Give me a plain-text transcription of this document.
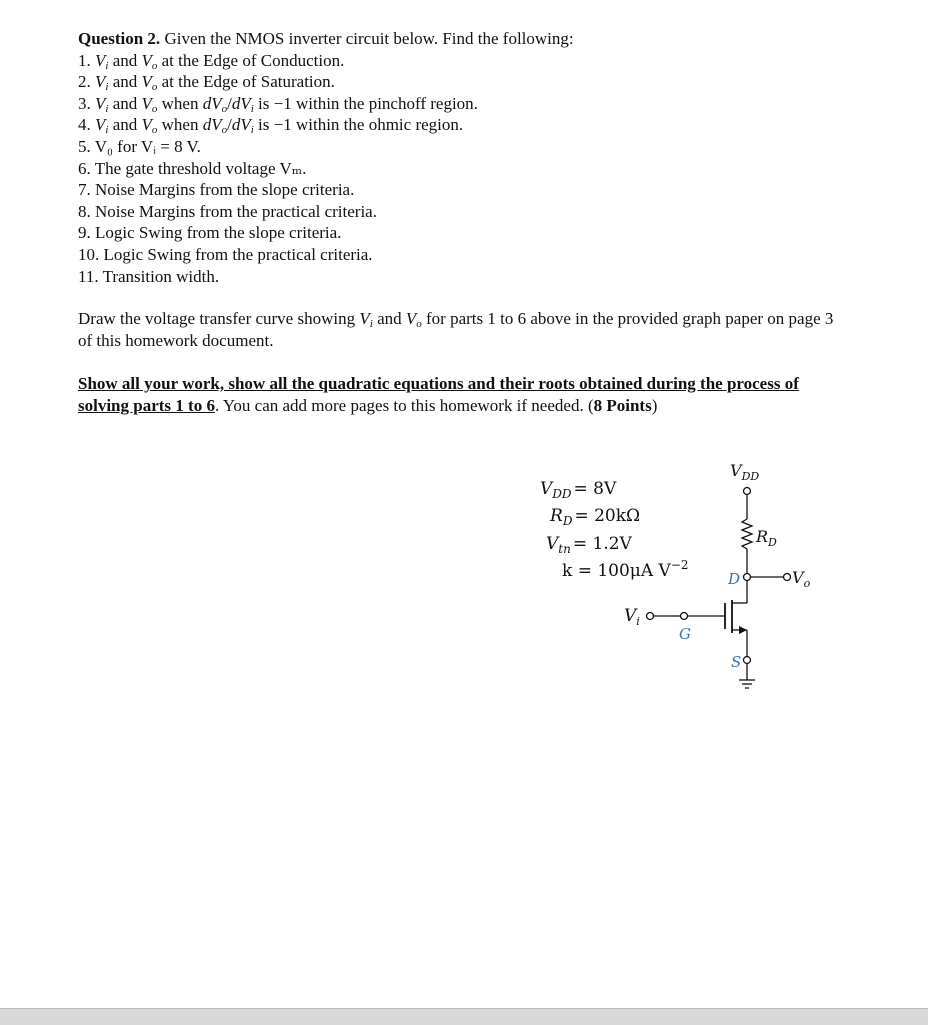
Question 2. Given the NMOS inverter circuit below. Find the following:
1. $V_i$ and $V_o$ at the Edge of Conduction.
2. $V_i$ and $V_o$ at the Edge of Saturation.
3. $V_i$ and $V_o$ when $dV_o/dV_i$ is −1 within the pinchoff region.
4. $V_i$ and $V_o$ when $dV_o/dV_i$ is −1 within the ohmic region.
5. V₀ for Vᵢ = 8 V.
6. The gate threshold voltage Vₘ.
7. Noise Margins from the slope criteria.
8. Noise Margins from the practical criteria.
9. Logic Swing from the slope criteria.
10. Logic Swing from the practical criteria.
11. Transition width.
Draw the voltage transfer curve showing $V_i$ and $V_o$ for parts 1 to 6 above in the provided graph paper on page 3 of this homework document.
Show all your work, show all the quadratic equations and their roots obtained during the process of solving parts 1 to 6. You can add more pages to this homework if needed. (8 Points)
$V_{DD} = 8V$
$R_D = 20k\Omega$
$V_{tn} = 1.2V$
k = 100μA $V^{-2}$
$V_{DD}$
$R_D$
D	$V_o$
S
$V_i$
G
